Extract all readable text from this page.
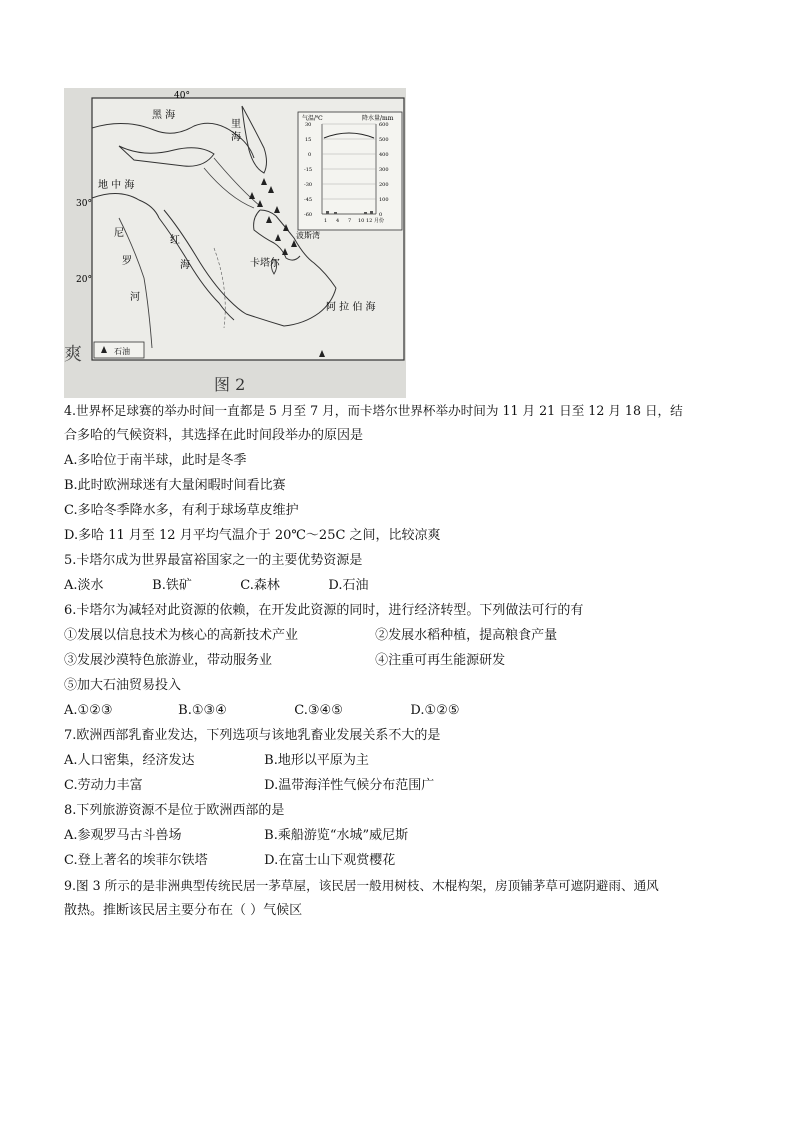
40°
30°
20°
黑 海
里 海
地 中 海
尼
罗
河
红
海
波斯湾
卡塔尔
阿 拉 伯 海
石油
爽
气温/℃	降水量/mm
30
15
0
-15
-30
-45
-60
600
500
400
300
200
100
0
1 4 7 10 12 月份
图 2
4.世界杯足球赛的举办时间一直都是 5 月至 7 月，而卡塔尔世界杯举办时间为 11 月 21 日至 12 月 18 日，结
合多哈的气候资料，其选择在此时间段举办的原因是
A.多哈位于南半球，此时是冬季
B.此时欧洲球迷有大量闲暇时间看比赛
C.多哈冬季降水多，有利于球场草皮维护
D.多哈 11 月至 12 月平均气温介于 20℃～25C 之间，比较凉爽
5.卡塔尔成为世界最富裕国家之一的主要优势资源是
A.淡水	B.铁矿	C.森林	D.石油
6.卡塔尔为减轻对此资源的依赖，在开发此资源的同时，进行经济转型。下列做法可行的有
①发展以信息技术为核心的高新技术产业	②发展水稻种植，提高粮食产量
③发展沙漠特色旅游业，带动服务业	④注重可再生能源研发
⑤加大石油贸易投入
A.①②③	B.①③④	C.③④⑤	D.①②⑤
7.欧洲西部乳畜业发达，下列选项与该地乳畜业发展关系不大的是
A.人口密集，经济发达	B.地形以平原为主
C.劳动力丰富	D.温带海洋性气候分布范围广
8.下列旅游资源不是位于欧洲西部的是
A.参观罗马古斗兽场	B.乘船游览“水城”威尼斯
C.登上著名的埃菲尔铁塔	D.在富士山下观赏樱花
9.图 3 所示的是非洲典型传统民居一茅草屋，该民居一般用树枝、木棍构架，房顶铺茅草可遮阴避雨、通风
散热。推断该民居主要分布在（ ）气候区
